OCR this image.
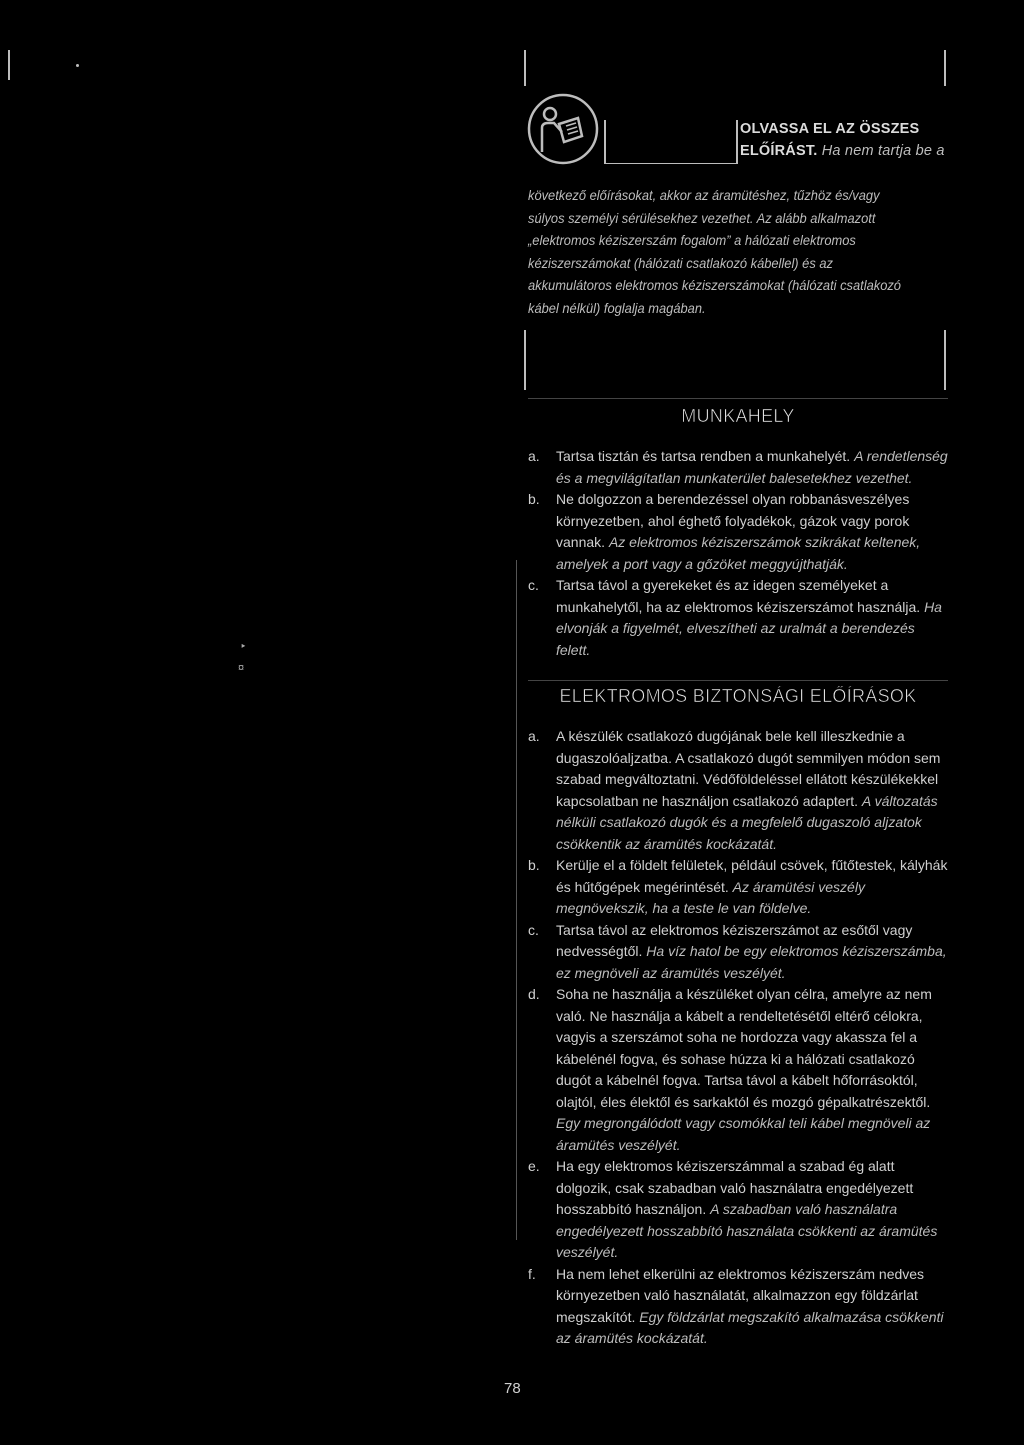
‣
¤
OLVASSA EL AZ ÖSSZES ELŐÍRÁST. Ha nem tartja be a
következő előírásokat, akkor az áramütéshez, tűzhöz és/vagy súlyos személyi sérülésekhez vezethet. Az alább alkalmazott „elektromos kéziszerszám fogalom” a hálózati elektromos kéziszerszámokat (hálózati csatlakozó kábellel) és az akkumulátoros elektromos kéziszerszámokat (hálózati csatlakozó kábel nélkül) foglalja magában.
MUNKAHELY
a. Tartsa tisztán és tartsa rendben a munkahelyét. A rendetlenség és a megvilágítatlan munkaterület balesetekhez vezethet.
b. Ne dolgozzon a berendezéssel olyan robbanásveszélyes környezetben, ahol éghető folyadékok, gázok vagy porok vannak. Az elektromos kéziszerszámok szikrákat keltenek, amelyek a port vagy a gőzöket meggyújthatják.
c. Tartsa távol a gyerekeket és az idegen személyeket a munkahelytől, ha az elektromos kéziszerszámot használja. Ha elvonják a figyelmét, elveszítheti az uralmát a berendezés felett.
ELEKTROMOS BIZTONSÁGI ELŐÍRÁSOK
a. A készülék csatlakozó dugójának bele kell illeszkednie a dugaszolóaljzatba. A csatlakozó dugót semmilyen módon sem szabad megváltoztatni. Védőföldeléssel ellátott készülékekkel kapcsolatban ne használjon csatlakozó adaptert. A változatás nélküli csatlakozó dugók és a megfelelő dugaszoló aljzatok csökkentik az áramütés kockázatát.
b. Kerülje el a földelt felületek, például csövek, fűtőtestek, kályhák és hűtőgépek megérintését. Az áramütési veszély megnövekszik, ha a teste le van földelve.
c. Tartsa távol az elektromos kéziszerszámot az esőtől vagy nedvességtől. Ha víz hatol be egy elektromos kéziszerszámba, ez megnöveli az áramütés veszélyét.
d. Soha ne használja a készüléket olyan célra, amelyre az nem való. Ne használja a kábelt a rendeltetésétől eltérő célokra, vagyis a szerszámot soha ne hordozza vagy akassza fel a kábelénél fogva, és sohase húzza ki a hálózati csatlakozó dugót a kábelnél fogva. Tartsa távol a kábelt hőforrásoktól, olajtól, éles élektől és sarkaktól és mozgó gépalkatrészektől. Egy megrongálódott vagy csomókkal teli kábel megnöveli az áramütés veszélyét.
e. Ha egy elektromos kéziszerszámmal a szabad ég alatt dolgozik, csak szabadban való használatra engedélyezett hosszabbító használjon. A szabadban való használatra engedélyezett hosszabbító használata csökkenti az áramütés veszélyét.
f. Ha nem lehet elkerülni az elektromos kéziszerszám nedves környezetben való használatát, alkalmazzon egy földzárlat megszakítót. Egy földzárlat megszakító alkalmazása csökkenti az áramütés kockázatát.
78
